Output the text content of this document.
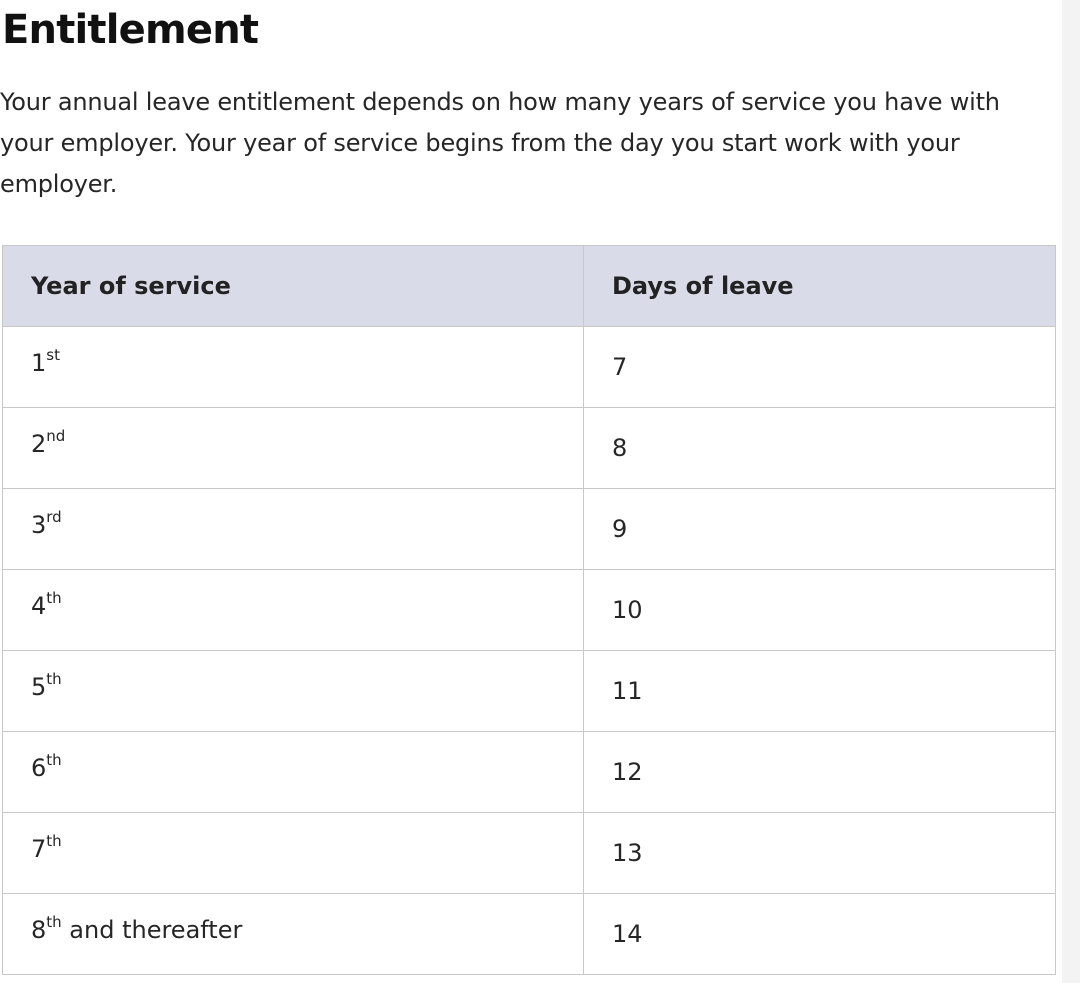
Entitlement

Your annual leave entitlement depends on how many years of service you have with your employer. Your year of service begins from the day you start work with your employer.

Year of service	Days of leave
1st	7
2nd	8
3rd	9
4th	10
5th	11
6th	12
7th	13
8th and thereafter	14
